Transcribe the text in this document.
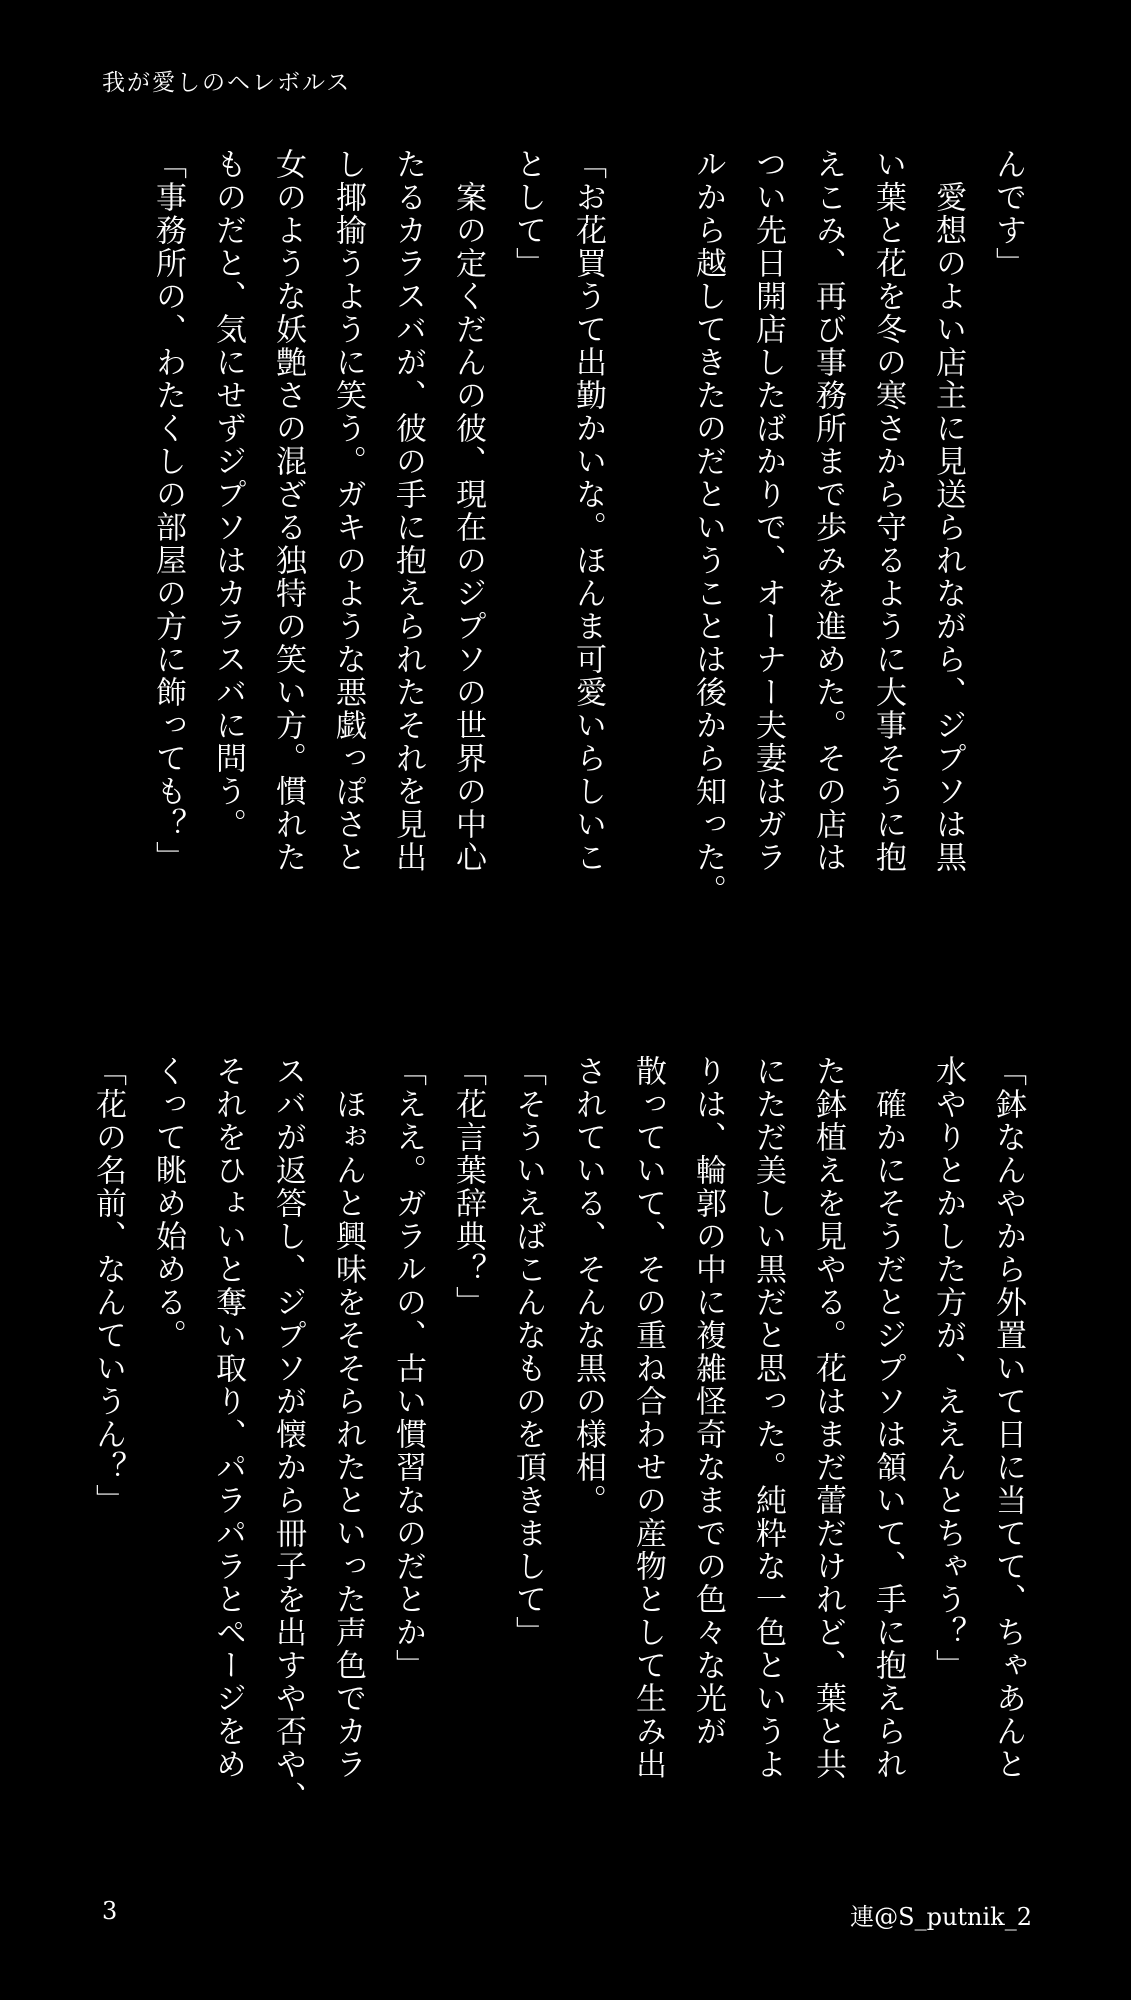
我が愛しのヘレボルス
んです」
　愛想のよい店主に見送られながら、ジプソは黒
い葉と花を冬の寒さから守るように大事そうに抱
えこみ、再び事務所まで歩みを進めた。その店は
つい先日開店したばかりで、オーナー夫妻はガラ
ルから越してきたのだということは後から知った。
「お花買うて出勤かいな。ほんま可愛いらしいこ
として」
　案の定くだんの彼、現在のジプソの世界の中心
たるカラスバが、彼の手に抱えられたそれを見出
し揶揄うように笑う。ガキのような悪戯っぽさと
女のような妖艶さの混ざる独特の笑い方。慣れた
ものだと、気にせずジプソはカラスバに問う。
「事務所の、わたくしの部屋の方に飾っても？」
「鉢なんやから外置いて日に当てて、ちゃあんと
水やりとかした方が、ええんとちゃう？」
　確かにそうだとジプソは頷いて、手に抱えられ
た鉢植えを見やる。花はまだ蕾だけれど、葉と共
にただ美しい黒だと思った。純粋な一色というよ
りは、輪郭の中に複雑怪奇なまでの色々な光が
散っていて、その重ね合わせの産物として生み出
されている、そんな黒の様相。
「そういえばこんなものを頂きまして」
「花言葉辞典？」
「ええ。ガラルの、古い慣習なのだとか」
　ほぉんと興味をそそられたといった声色でカラ
スバが返答し、ジプソが懐から冊子を出すや否や、
それをひょいと奪い取り、パラパラとページをめ
くって眺め始める。
「花の名前、なんていうん？」
3	連@S_putnik_2
